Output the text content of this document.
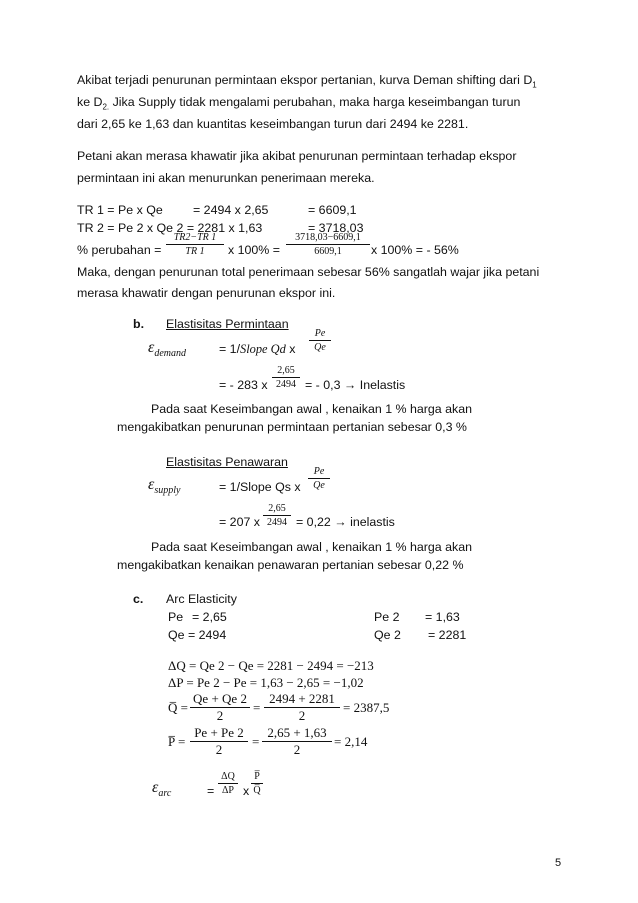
Akibat terjadi penurunan permintaan ekspor pertanian, kurva Deman shifting dari $D_1$
ke $D_{2.}$ Jika Supply tidak mengalami perubahan, maka harga keseimbangan turun
dari 2,65 ke 1,63 dan kuantitas keseimbangan turun dari 2494 ke 2281.
Petani akan merasa khawatir jika akibat penurunan permintaan terhadap ekspor
permintaan ini akan menurunkan penerimaan mereka.
TR 1 = Pe x Qe = 2494 x 2,65	= 6609,1
TR 2 = Pe 2 x Qe 2 = 2281 x 1,63	= 3718,03
% perubahan =
TR2−TR 1
TR 1	x 100% =
3718,03−6609,1
6609,1	x 100% = - 56%
Maka, dengan penurunan total penerimaan sebesar 56% sangatlah wajar jika petani
merasa khawatir dengan penurunan ekspor ini.
b. Elastisitas Permintaan
$\varepsilon_{demand}$	= 1/Slope Qd x
Pe
Qe
= - 283 x
2,65
2494 = - 0,3 → Inelastis
Pada saat Keseimbangan awal , kenaikan 1 % harga akan
mengakibatkan penurunan permintaan pertanian sebesar 0,3 %
Elastisitas Penawaran
$\varepsilon_{supply}$	= 1/Slope Qs x
Pe
Qe
= 207 x
2,65
2494 = 0,22 → inelastis
Pada saat Keseimbangan awal , kenaikan 1 % harga akan
mengakibatkan kenaikan penawaran pertanian sebesar 0,22 %
c. Arc Elasticity
Pe = 2,65	Pe 2 = 1,63
Qe = 2494	Qe 2 = 2281
ΔQ = Qe 2 − Qe = 2281 − 2494 = −213
ΔP = Pe 2 − Pe = 1,63 − 2,65 = −1,02
Q̅ =
Qe + Qe 2
2
=
2494 + 2281
2
= 2387,5
P̅ =
Pe + Pe 2
2
=
2,65 + 1,63
2
= 2,14
$\varepsilon_{arc}$	=
ΔQ
ΔP x
P̅
Q̅
5
